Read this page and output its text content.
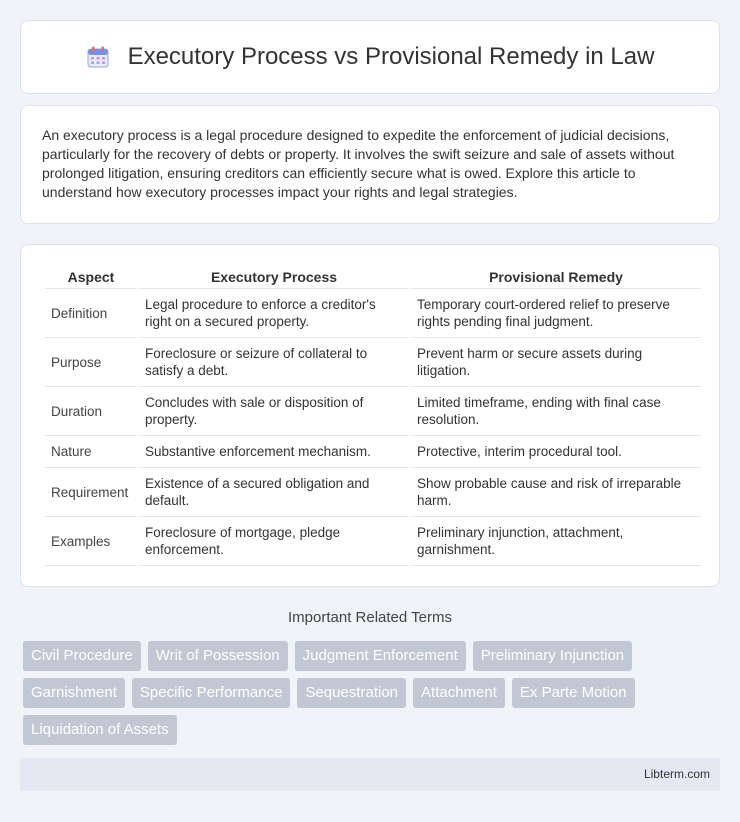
Executory Process vs Provisional Remedy in Law

An executory process is a legal procedure designed to expedite the enforcement of judicial decisions, particularly for the recovery of debts or property. It involves the swift seizure and sale of assets without prolonged litigation, ensuring creditors can efficiently secure what is owed. Explore this article to understand how executory processes impact your rights and legal strategies.

Aspect	Executory Process	Provisional Remedy
Definition	Legal procedure to enforce a creditor's right on a secured property.	Temporary court-ordered relief to preserve rights pending final judgment.
Purpose	Foreclosure or seizure of collateral to satisfy a debt.	Prevent harm or secure assets during litigation.
Duration	Concludes with sale or disposition of property.	Limited timeframe, ending with final case resolution.
Nature	Substantive enforcement mechanism.	Protective, interim procedural tool.
Requirement	Existence of a secured obligation and default.	Show probable cause and risk of irreparable harm.
Examples	Foreclosure of mortgage, pledge enforcement.	Preliminary injunction, attachment, garnishment.
Important Related Terms
Civil Procedure	Writ of Possession	Judgment Enforcement	Preliminary Injunction
Garnishment	Specific Performance	Sequestration	Attachment	Ex Parte Motion
Liquidation of Assets
Libterm.com
